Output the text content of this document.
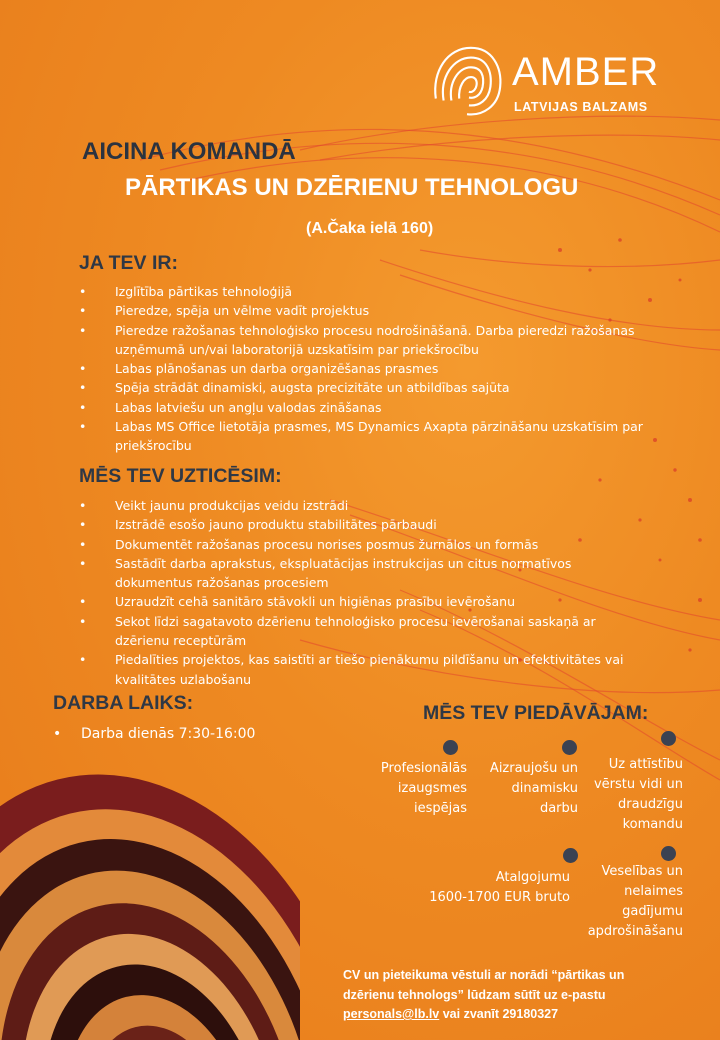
AMBER
LATVIJAS BALZAMS
AICINA KOMANDĀ
PĀRTIKAS UN DZĒRIENU TEHNOLOGU
(A.Čaka ielā 160)
JA TEV IR:
• Izglītība pārtikas tehnoloģijā
• Pieredze, spēja un vēlme vadīt projektus
• Pieredze ražošanas tehnoloģisko procesu nodrošināšanā. Darba pieredzi ražošanas uzņēmumā un/vai laboratorijā uzskatīsim par priekšrocību
• Labas plānošanas un darba organizēšanas prasmes
• Spēja strādāt dinamiski, augsta precizitāte un atbildības sajūta
• Labas latviešu un angļu valodas zināšanas
• Labas MS Office lietotāja prasmes, MS Dynamics Axapta pārzināšanu uzskatīsim par priekšrocību
MĒS TEV UZTICĒSIM:
• Veikt jaunu produkcijas veidu izstrādi
• Izstrādē esošo jauno produktu stabilitātes pārbaudi
• Dokumentēt ražošanas procesu norises posmus žurnālos un formās
• Sastādīt darba aprakstus, ekspluatācijas instrukcijas un citus normatīvos dokumentus ražošanas procesiem
• Uzraudzīt cehā sanitāro stāvokli un higiēnas prasību ievērošanu
• Sekot līdzi sagatavoto dzērienu tehnoloģisko procesu ievērošanai saskaņā ar dzērienu receptūrām
• Piedalīties projektos, kas saistīti ar tiešo pienākumu pildīšanu un efektivitātes vai kvalitātes uzlabošanu
DARBA LAIKS:
• Darba dienās 7:30-16:00
MĒS TEV PIEDĀVĀJAM:
Profesionālās
izaugsmes
iespējas
Aizraujošu un
dinamisku
darbu
Uz attīstību
vērstu vidi un
draudzīgu
komandu
Atalgojumu
1600-1700 EUR bruto
Veselības un
nelaimes
gadījumu
apdrošināšanu
CV un pieteikuma vēstuli ar norādi “pārtikas un
dzērienu tehnologs” lūdzam sūtīt uz e-pastu
personals@lb.lv vai zvanīt 29180327
